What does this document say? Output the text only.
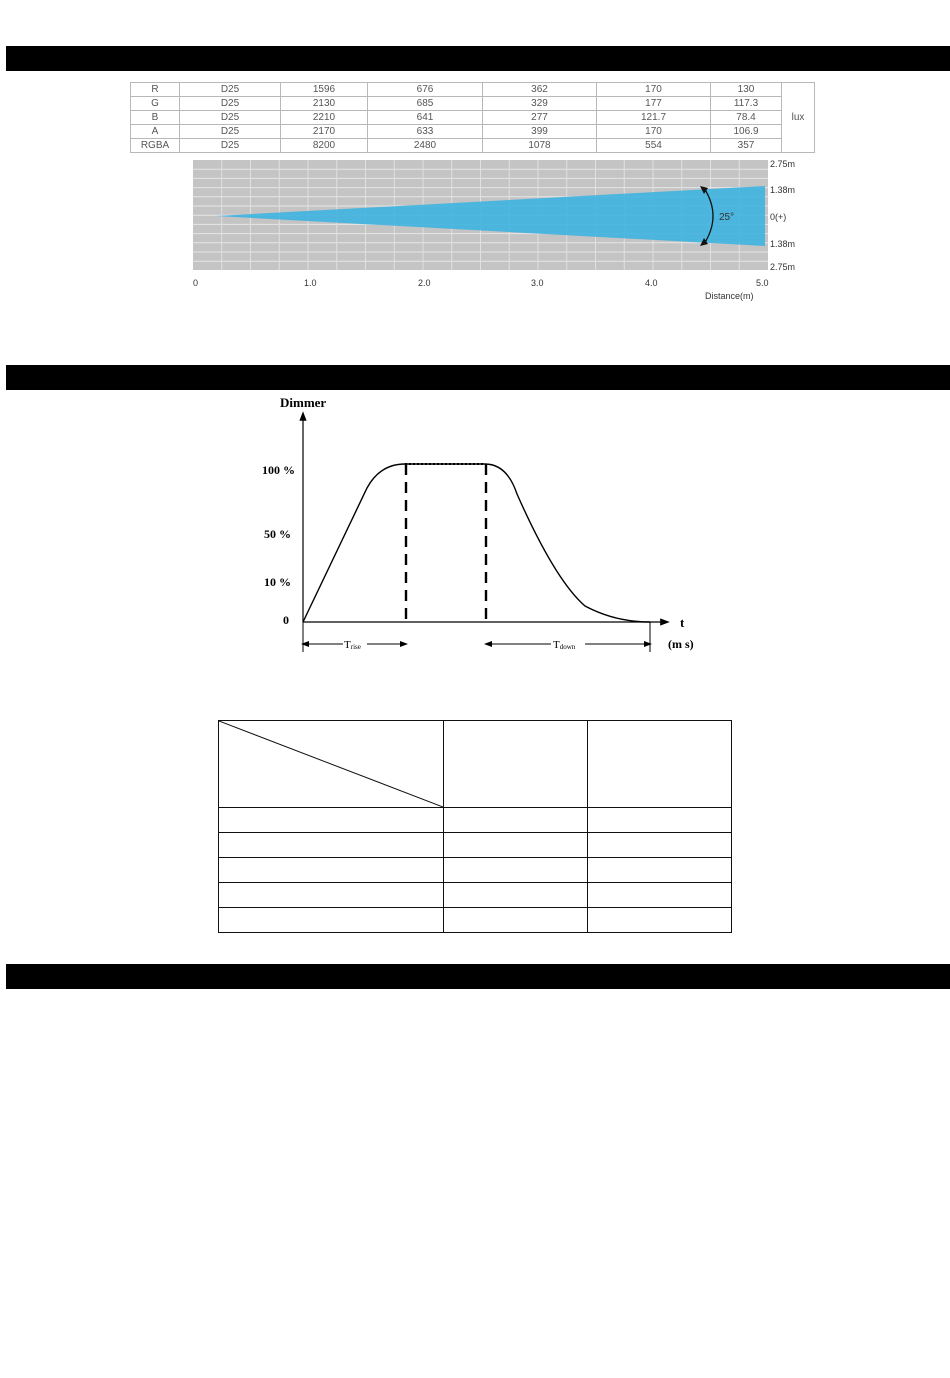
R	D25	1596	676	362	170	130	lux
G	D25	2130	685	329	177	117.3	
B	D25	2210	641	277	121.7	78.4	
A	D25	2170	633	399	170	106.9	
RGBA	D25	8200	2480	1078	554	357	
25°
2.75m
1.38m
0(+)
1.38m
2.75m
0	1.0	2.0	3.0	4.0	5.0
Distance(m)
Dimmer
100 %
50 %
10 %
0	t
(m s)
Trise	Tdown
